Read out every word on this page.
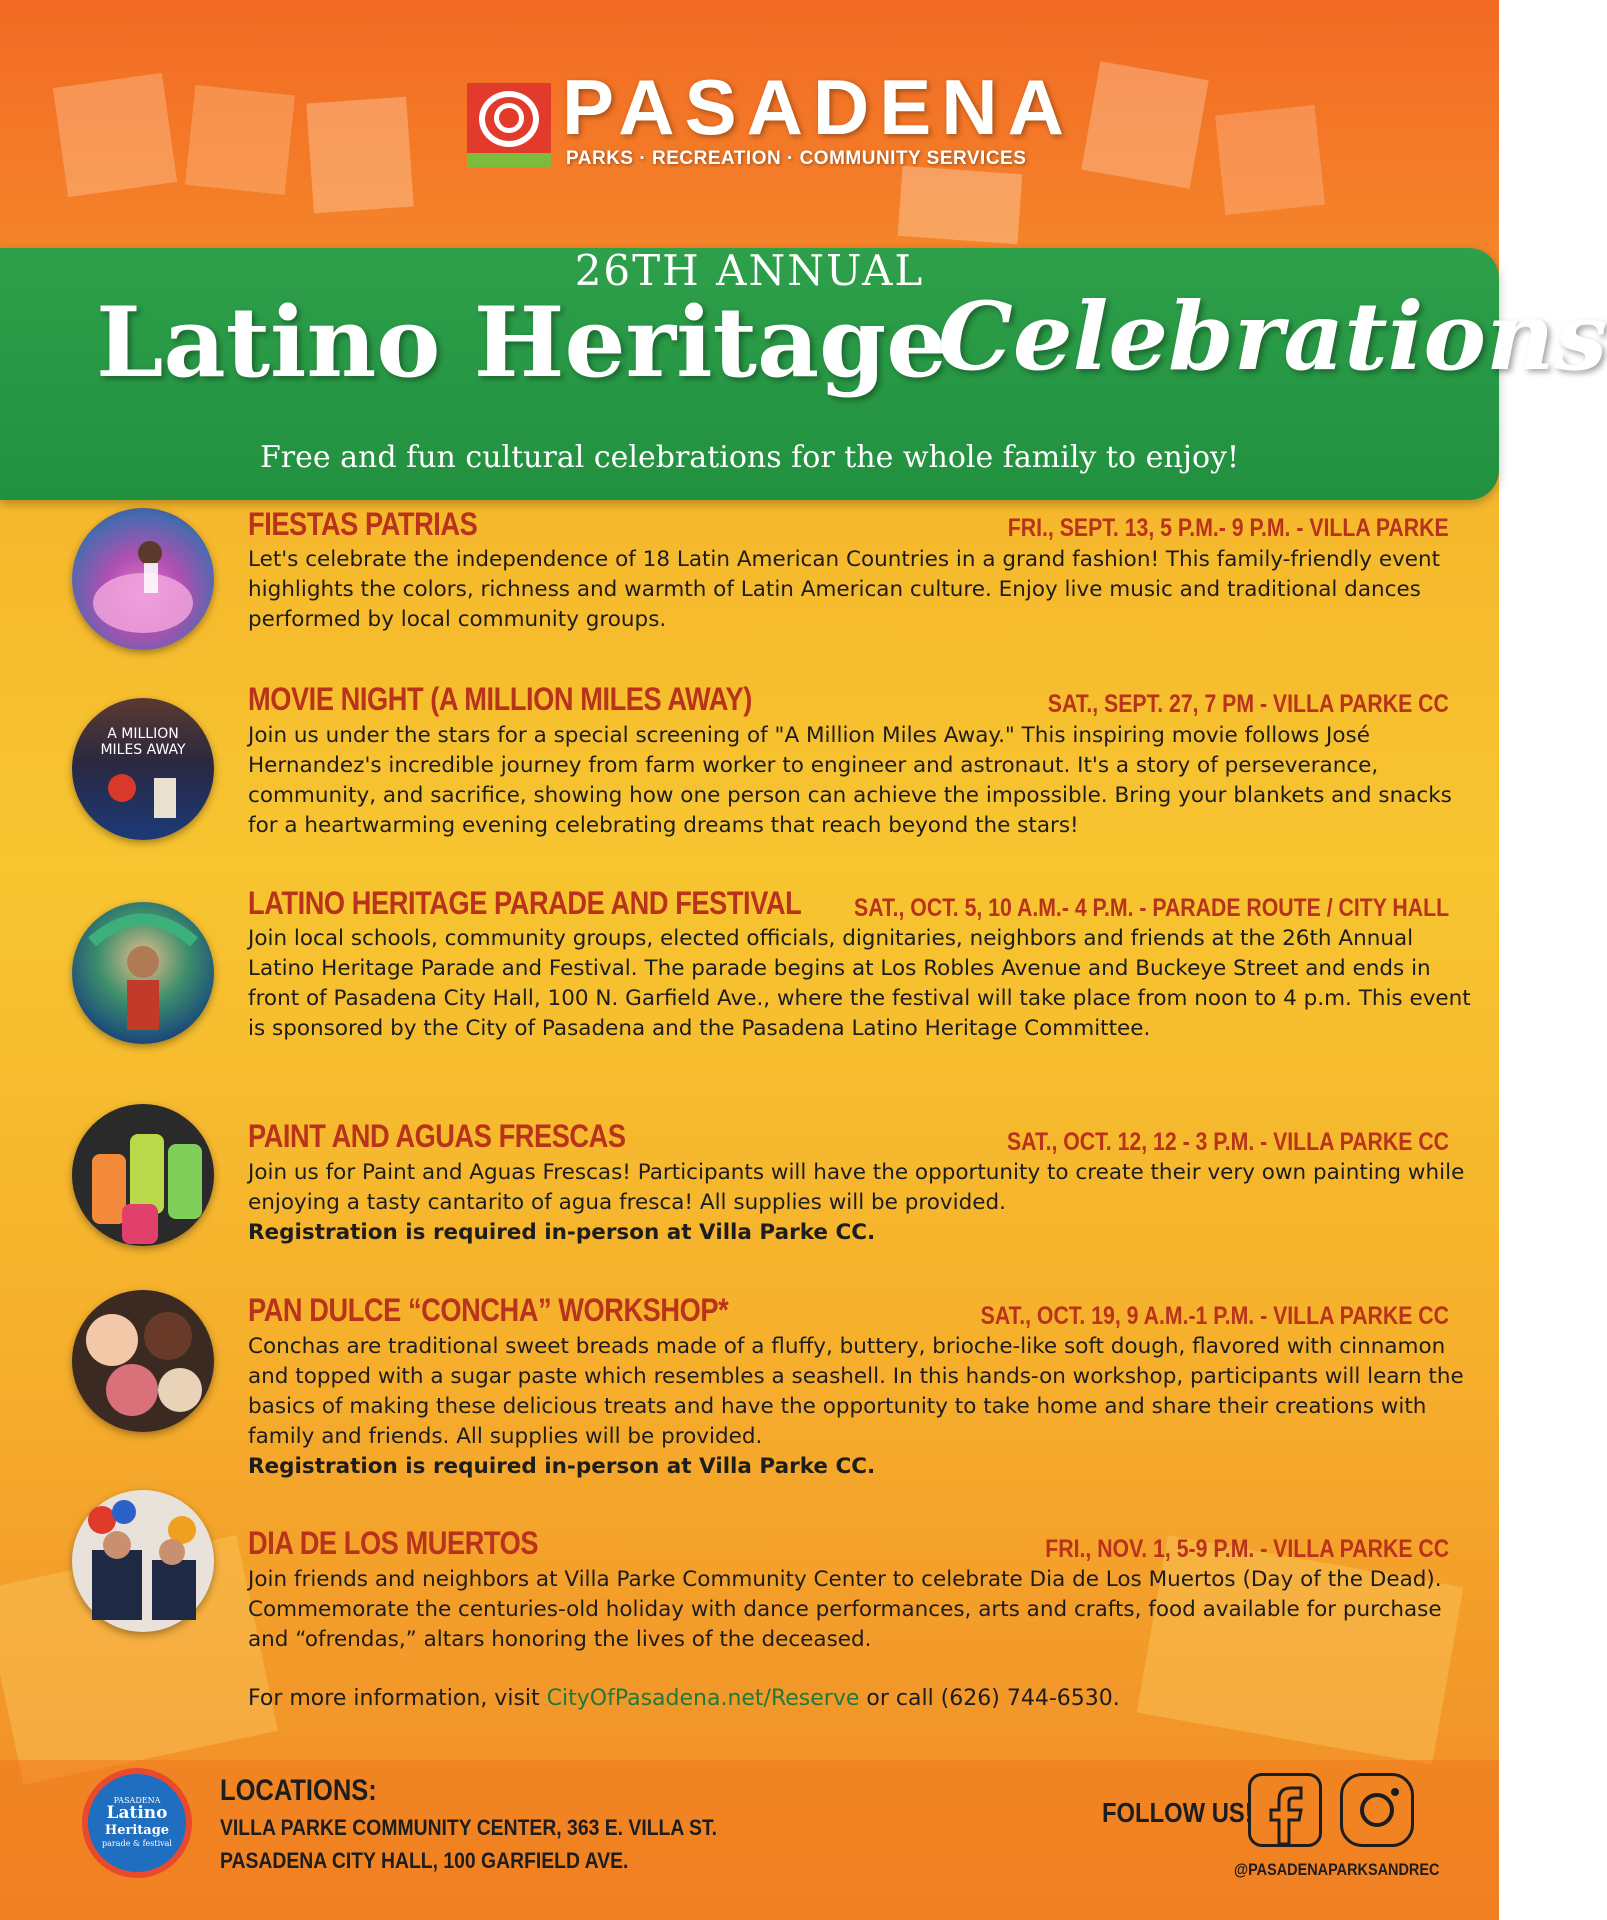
PASADENA
PARKS · RECREATION · COMMUNITY SERVICES
26TH ANNUAL
Latino Heritage
Celebrations
Free and fun cultural celebrations for the whole family to enjoy!
FIESTAS PATRIAS	FRI., SEPT. 13, 5 P.M.- 9 P.M. - VILLA PARKE
Let's celebrate the independence of 18 Latin American Countries in a grand fashion! This family-friendly event highlights the colors, richness and warmth of Latin American culture. Enjoy live music and traditional dances performed by local community groups.
A MILLION
MILES AWAY
MOVIE NIGHT (A MILLION MILES AWAY)	SAT., SEPT. 27, 7 PM - VILLA PARKE CC
Join us under the stars for a special screening of "A Million Miles Away." This inspiring movie follows José Hernandez's incredible journey from farm worker to engineer and astronaut. It's a story of perseverance, community, and sacrifice, showing how one person can achieve the impossible. Bring your blankets and snacks for a heartwarming evening celebrating dreams that reach beyond the stars!
LATINO HERITAGE PARADE AND FESTIVAL SAT., OCT. 5, 10 A.M.- 4 P.M. - PARADE ROUTE / CITY HALL
Join local schools, community groups, elected officials, dignitaries, neighbors and friends at the 26th Annual Latino Heritage Parade and Festival. The parade begins at Los Robles Avenue and Buckeye Street and ends in front of Pasadena City Hall, 100 N. Garfield Ave., where the festival will take place from noon to 4 p.m. This event is sponsored by the City of Pasadena and the Pasadena Latino Heritage Committee.
PAINT AND AGUAS FRESCAS	SAT., OCT. 12, 12 - 3 P.M. - VILLA PARKE CC
Join us for Paint and Aguas Frescas! Participants will have the opportunity to create their very own painting while enjoying a tasty cantarito of agua fresca! All supplies will be provided.
Registration is required in-person at Villa Parke CC.
PAN DULCE “CONCHA” WORKSHOP*	SAT., OCT. 19, 9 A.M.-1 P.M. - VILLA PARKE CC
Conchas are traditional sweet breads made of a fluffy, buttery, brioche-like soft dough, flavored with cinnamon and topped with a sugar paste which resembles a seashell. In this hands-on workshop, participants will learn the basics of making these delicious treats and have the opportunity to take home and share their creations with family and friends. All supplies will be provided.
Registration is required in-person at Villa Parke CC.
DIA DE LOS MUERTOS	FRI., NOV. 1, 5-9 P.M. - VILLA PARKE CC
Join friends and neighbors at Villa Parke Community Center to celebrate Dia de Los Muertos (Day of the Dead). Commemorate the centuries-old holiday with dance performances, arts and crafts, food available for purchase and “ofrendas,” altars honoring the lives of the deceased.
For more information, visit CityOfPasadena.net/Reserve or call (626) 744-6530.
PASADENA
Latino
Heritage
parade & festival
LOCATIONS:
VILLA PARKE COMMUNITY CENTER, 363 E. VILLA ST.
PASADENA CITY HALL, 100 GARFIELD AVE.
FOLLOW US!
@PASADENAPARKSANDREC
